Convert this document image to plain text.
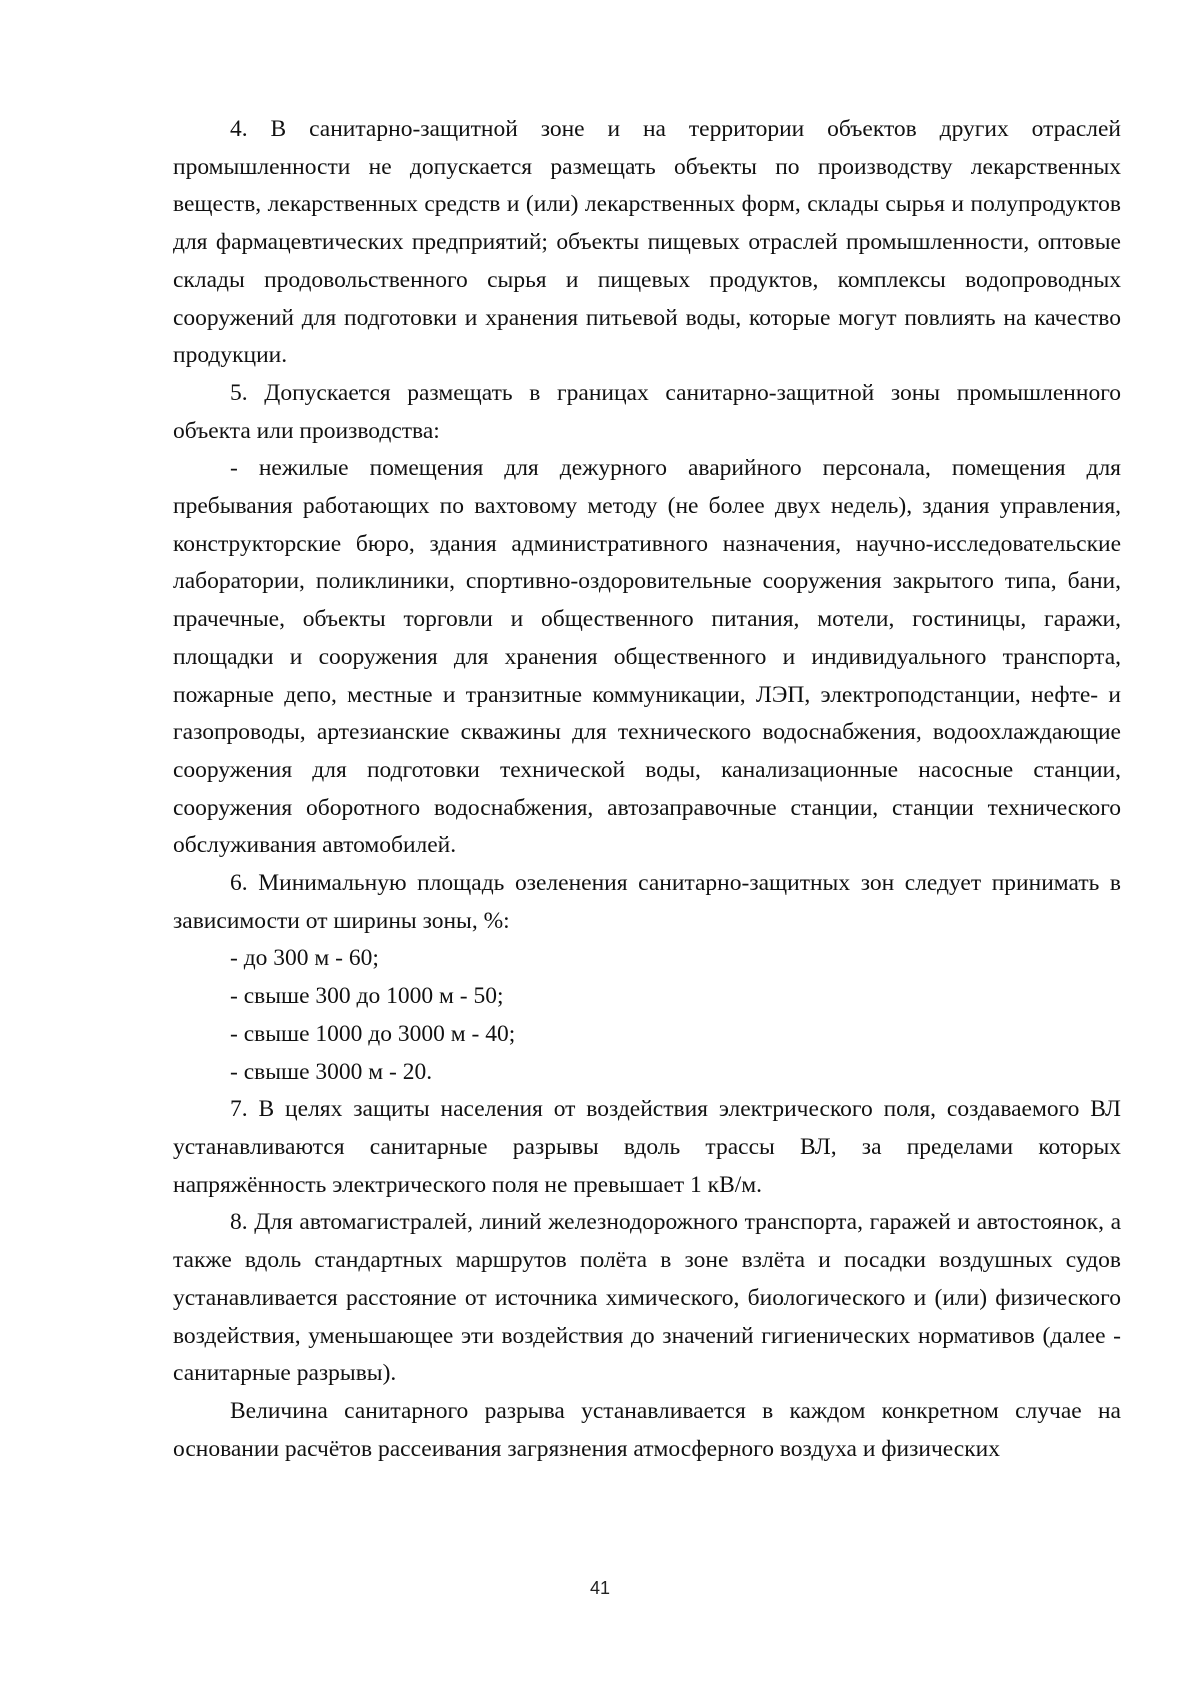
4. В санитарно-защитной зоне и на территории объектов других отраслей промышленности не допускается размещать объекты по производству лекарственных веществ, лекарственных средств и (или) лекарственных форм, склады сырья и полупродуктов для фармацевтических предприятий; объекты пищевых отраслей промышленности, оптовые склады продовольственного сырья и пищевых продуктов, комплексы водопроводных сооружений для подготовки и хранения питьевой воды, которые могут повлиять на качество продукции.

5. Допускается размещать в границах санитарно-защитной зоны промышленного объекта или производства:

- нежилые помещения для дежурного аварийного персонала, помещения для пребывания работающих по вахтовому методу (не более двух недель), здания управления, конструкторские бюро, здания административного назначения, научно-исследовательские лаборатории, поликлиники, спортивно-оздоровительные сооружения закрытого типа, бани, прачечные, объекты торговли и общественного питания, мотели, гостиницы, гаражи, площадки и сооружения для хранения общественного и индивидуального транспорта, пожарные депо, местные и транзитные коммуникации, ЛЭП, электроподстанции, нефте- и газопроводы, артезианские скважины для технического водоснабжения, водоохлаждающие сооружения для подготовки технической воды, канализационные насосные станции, сооружения оборотного водоснабжения, автозаправочные станции, станции технического обслуживания автомобилей.

6. Минимальную площадь озеленения санитарно-защитных зон следует принимать в зависимости от ширины зоны, %:

- до 300 м - 60;

- свыше 300 до 1000 м - 50;

- свыше 1000 до 3000 м - 40;

- свыше 3000 м - 20.

7. В целях защиты населения от воздействия электрического поля, создаваемого ВЛ устанавливаются санитарные разрывы вдоль трассы ВЛ, за пределами которых напряжённость электрического поля не превышает 1 кВ/м.

8. Для автомагистралей, линий железнодорожного транспорта, гаражей и автостоянок, а также вдоль стандартных маршрутов полёта в зоне взлёта и посадки воздушных судов устанавливается расстояние от источника химического, биологического и (или) физического воздействия, уменьшающее эти воздействия до значений гигиенических нормативов (далее - санитарные разрывы).

Величина санитарного разрыва устанавливается в каждом конкретном случае на основании расчётов рассеивания загрязнения атмосферного воздуха и физических

41
